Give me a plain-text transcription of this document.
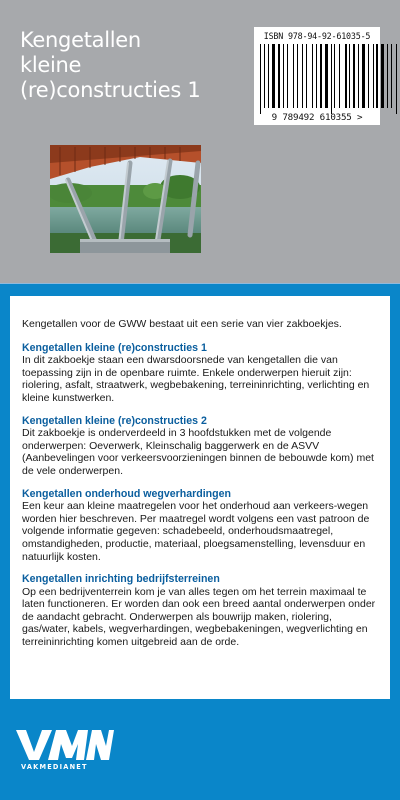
Kengetallen
kleine
(re)constructies 1
ISBN 978-94-92-61035-5
9 789492 610355 >

Kengetallen voor de GWW bestaat uit een serie van vier zakboekjes.

Kengetallen kleine (re)constructies 1

In dit zakboekje staan een dwarsdoorsnede van kengetallen die van toepassing zijn in de openbare ruimte. Enkele onderwerpen hieruit zijn: riolering, asfalt, straatwerk, wegbebakening, terreininrichting, verlichting en kleine kunstwerken.

Kengetallen kleine (re)constructies 2

Dit zakboekje is onderverdeeld in 3 hoofdstukken met de volgende onderwerpen: Oeverwerk, Kleinschalig baggerwerk en de ASVV (Aanbevelingen voor verkeersvoorzieningen binnen de bebouwde kom) met de vele onderwerpen.

Kengetallen onderhoud wegverhardingen

Een keur aan kleine maatregelen voor het onderhoud aan verkeers-wegen worden hier beschreven. Per maatregel wordt volgens een vast patroon de volgende informatie gegeven: schadebeeld, onderhoudsmaatregel, omstandigheden, productie, materiaal, ploegsamenstelling, levensduur en natuurlijk kosten.

Kengetallen inrichting bedrijfsterreinen

Op een bedrijventerrein kom je van alles tegen om het terrein maximaal te laten functioneren. Er worden dan ook een breed aantal onderwerpen onder de aandacht gebracht. Onderwerpen als bouwrijp maken, riolering, gas/water, kabels, wegverhardingen, wegbebakeningen, wegverlichting en terreininrichting komen uitgebreid aan de orde.

VAKMEDIANET
